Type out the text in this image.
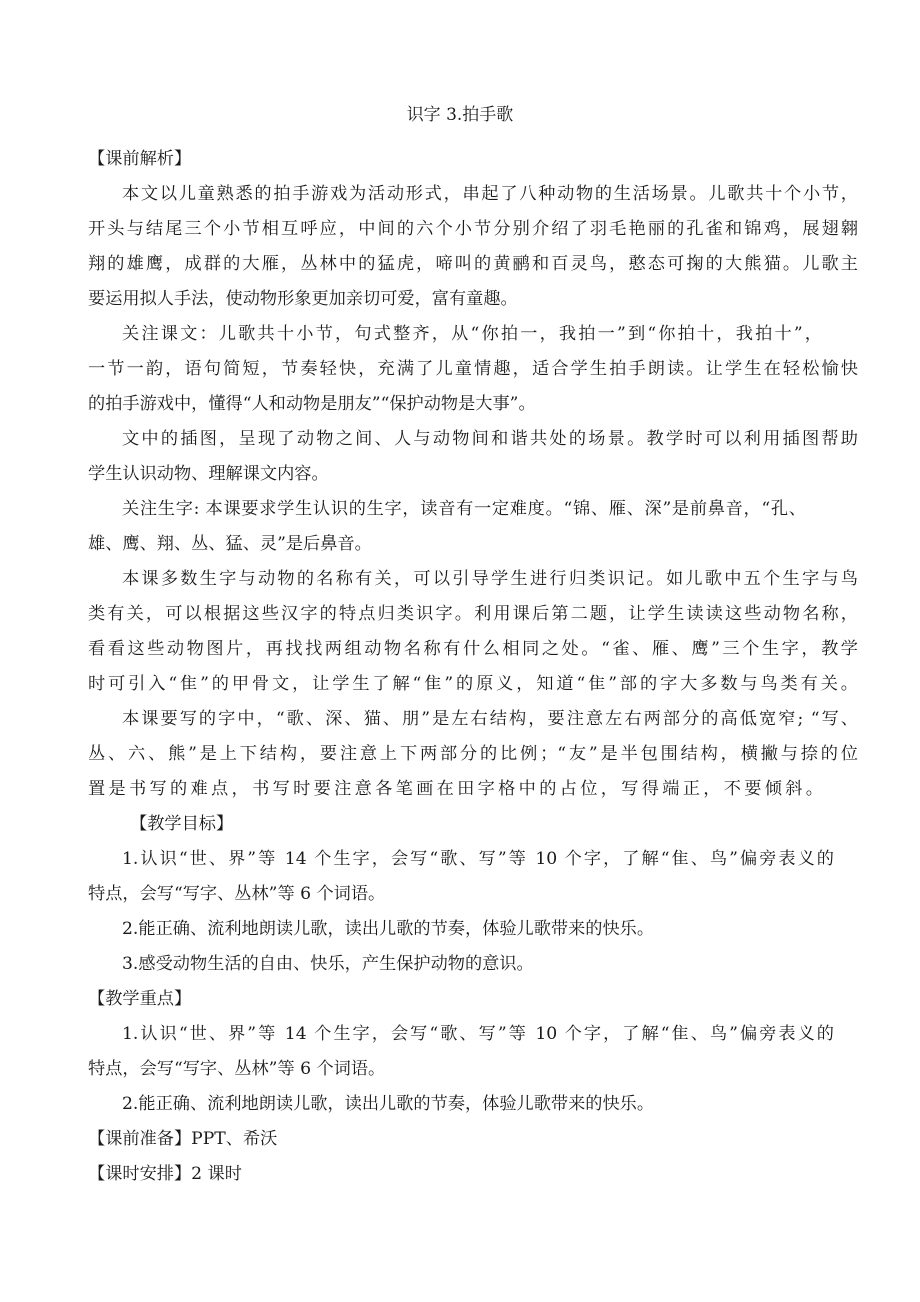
识字 3.拍手歌
【课前解析】
本文以儿童熟悉的拍手游戏为活动形式，串起了八种动物的生活场景。儿歌共十个小节，
开头与结尾三个小节相互呼应，中间的六个小节分别介绍了羽毛艳丽的孔雀和锦鸡，展翅翱
翔的雄鹰，成群的大雁，丛林中的猛虎，啼叫的黄鹂和百灵鸟，憨态可掬的大熊猫。儿歌主
要运用拟人手法，使动物形象更加亲切可爱，富有童趣。
关注课文：儿歌共十小节，句式整齐，从“你拍一，我拍一”到“你拍十，我拍十”，
一节一韵，语句简短，节奏轻快，充满了儿童情趣，适合学生拍手朗读。让学生在轻松愉快
的拍手游戏中，懂得“人和动物是朋友”“保护动物是大事”。
文中的插图，呈现了动物之间、人与动物间和谐共处的场景。教学时可以利用插图帮助
学生认识动物、理解课文内容。
关注生字: 本课要求学生认识的生字，读音有一定难度。“锦、雁、深”是前鼻音，“孔、
雄、鹰、翔、丛、猛、灵”是后鼻音。
本课多数生字与动物的名称有关，可以引导学生进行归类识记。如儿歌中五个生字与鸟
类有关，可以根据这些汉字的特点归类识字。利用课后第二题，让学生读读这些动物名称，
看看这些动物图片，再找找两组动物名称有什么相同之处。“雀、雁、鹰”三个生字，教学
时可引入“隹”的甲骨文，让学生了解“隹”的原义，知道“隹”部的字大多数与鸟类有关。
本课要写的字中，“歌、深、猫、朋”是左右结构，要注意左右两部分的高低宽窄; “写、
丛、六、熊”是上下结构，要注意上下两部分的比例；“友”是半包围结构，横撇与捺的位
置是书写的难点，书写时要注意各笔画在田字格中的占位，写得端正，不要倾斜。
【教学目标】
1.认识“世、界”等 14 个生字，会写“歌、写”等 10 个字，了解“隹、鸟”偏旁表义的
特点，会写“写字、丛林”等 6 个词语。
2.能正确、流利地朗读儿歌，读出儿歌的节奏，体验儿歌带来的快乐。
3.感受动物生活的自由、快乐，产生保护动物的意识。
【教学重点】
1.认识“世、界”等 14 个生字，会写“歌、写”等 10 个字，了解“隹、鸟”偏旁表义的
特点，会写“写字、丛林”等 6 个词语。
2.能正确、流利地朗读儿歌，读出儿歌的节奏，体验儿歌带来的快乐。
【课前准备】PPT、希沃
【课时安排】2 课时
